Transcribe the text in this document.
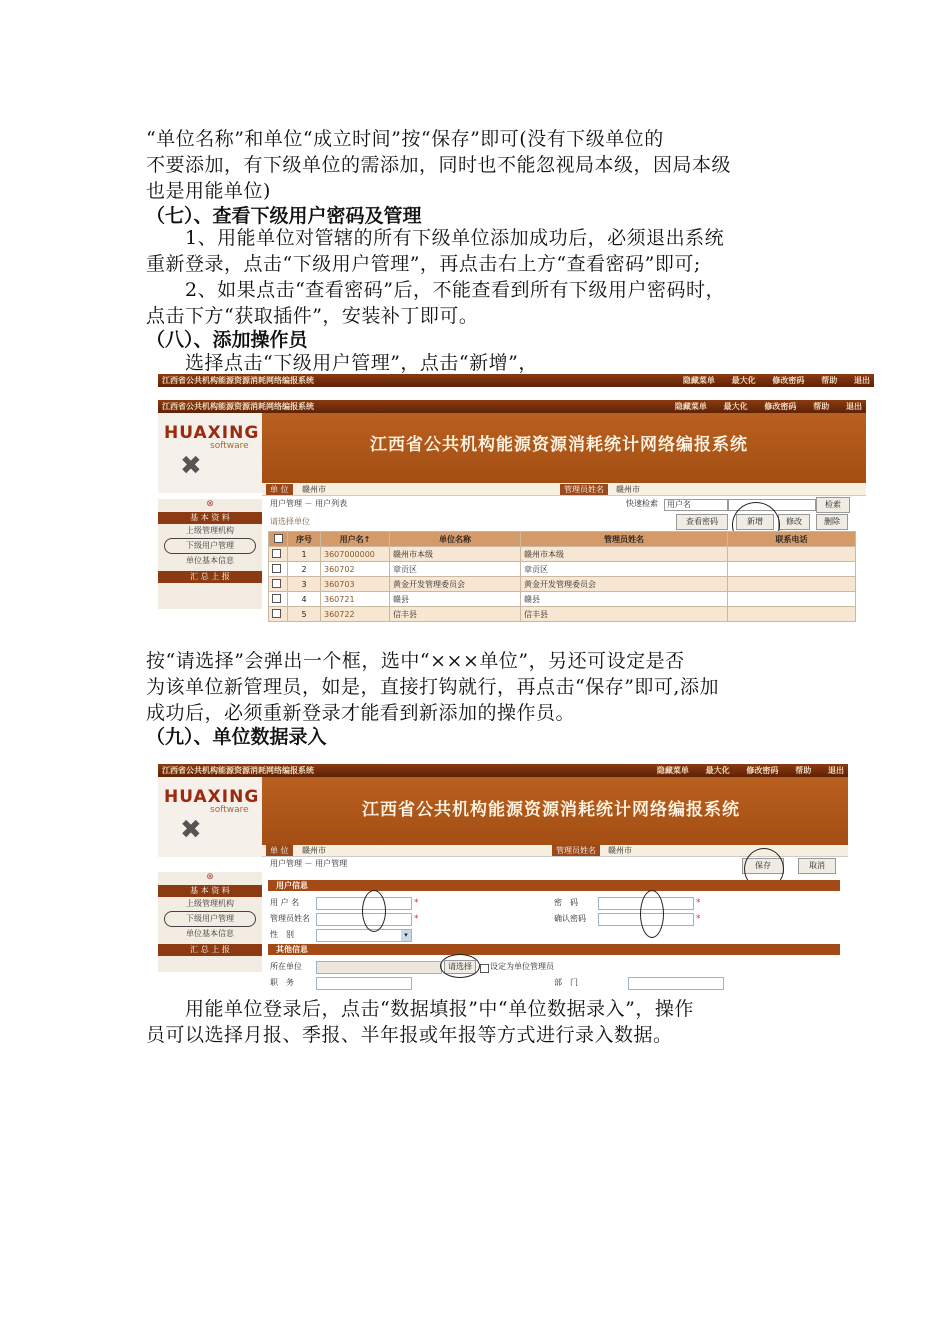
“单位名称”和单位“成立时间”按“保存”即可(没有下级单位的
不要添加，有下级单位的需添加，同时也不能忽视局本级，因局本级
也是用能单位)
（七）、查看下级用户密码及管理
　　1、用能单位对管辖的所有下级单位添加成功后，必须退出系统
重新登录，点击“下级用户管理”，再点击右上方“查看密码”即可;
　　2、如果点击“查看密码”后，不能查看到所有下级用户密码时，
点击下方“获取插件”，安装补丁即可。
（八）、添加操作员
　　选择点击“下级用户管理”，点击“新增”，
江西省公共机构能源资源消耗网络编报系统	隐藏菜单 最大化 修改密码 帮助 退出
江西省公共机构能源资源消耗网络编报系统	隐藏菜单 最大化 修改密码 帮助 退出
江西省公共机构能源资源消耗统计网络编报系统
HUAXING
software
✖
单 位	赣州市	管理员姓名	赣州市
用户管理 － 用户列表	快速检索	用户名	检索
请选择单位	查看密码	新增	修改	删除
⊗
基 本 资 料
上级管理机构
下级用户管理
单位基本信息
汇 总 上 报
	序号	用户名↑	单位名称	管理员姓名	联系电话
	1	3607000000	赣州市本级	赣州市本级	
	2	360702	章贡区	章贡区	
	3	360703	黄金开发管理委员会	黄金开发管理委员会	
	4	360721	赣县	赣县	
	5	360722	信丰县	信丰县	
按“请选择”会弹出一个框，选中“×××单位”，另还可设定是否
为该单位新管理员，如是，直接打钩就行，再点击“保存”即可,添加
成功后，必须重新登录才能看到新添加的操作员。
（九）、单位数据录入
江西省公共机构能源资源消耗网络编报系统	隐藏菜单 最大化 修改密码 帮助 退出
江西省公共机构能源资源消耗统计网络编报系统
HUAXING
software
✖
单 位	赣州市	管理员姓名	赣州市
用户管理 － 用户管理	保存	取消
⊗
基 本 资 料
上级管理机构
下级用户管理
单位基本信息
汇 总 上 报
用户信息
用 户 名	*	密　码	*
管理员姓名	*	确认密码	*
性　别	▾
其他信息
所在单位	请选择	设定为单位管理员
职　务	部　门
　　用能单位登录后，点击“数据填报”中“单位数据录入”，操作
员可以选择月报、季报、半年报或年报等方式进行录入数据。
